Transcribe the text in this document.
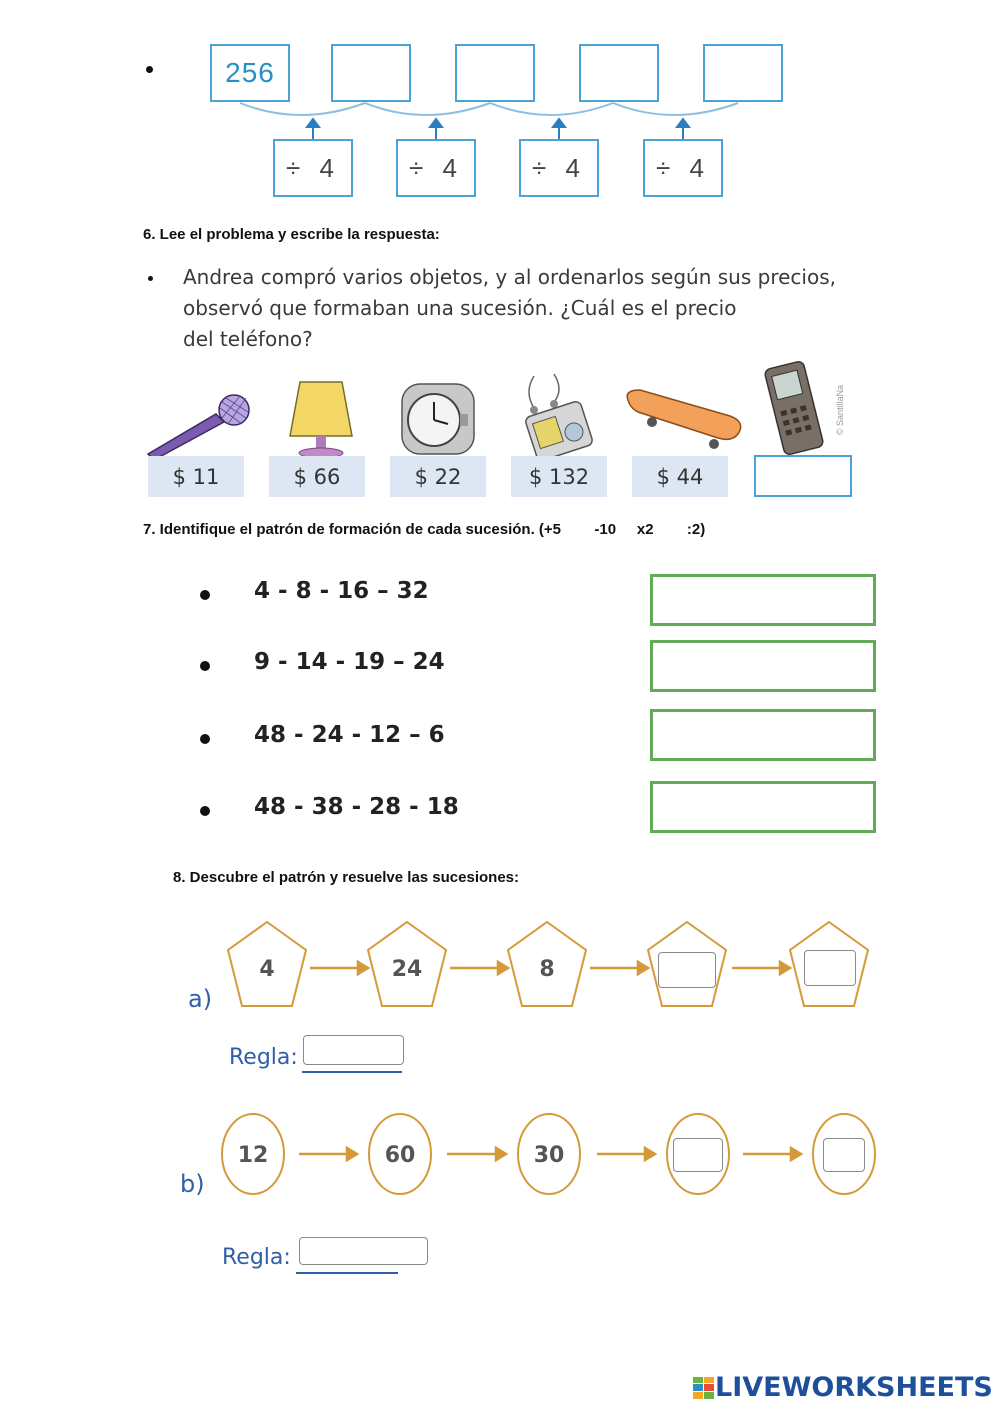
256
÷ 4	÷ 4	÷ 4	÷ 4
6. Lee el problema y escribe la respuesta:
Andrea compró varios objetos, y al ordenarlos según sus precios,
observó que formaban una sucesión. ¿Cuál es el precio
del teléfono?
© SantillaNa
$ 11	$ 66	$ 22	$ 132	$ 44
7. Identifique el patrón de formación de cada sucesión. (+5        -10     x2        :2)
4 - 8 - 16 – 32
9 - 14 - 19 – 24
48 - 24 - 12 – 6
48 - 38 - 28 - 18
8. Descubre el patrón y resuelve las sucesiones:
4	24	8
a)
Regla:
12	60	30
b)
Regla:
LIVEWORKSHEETS
